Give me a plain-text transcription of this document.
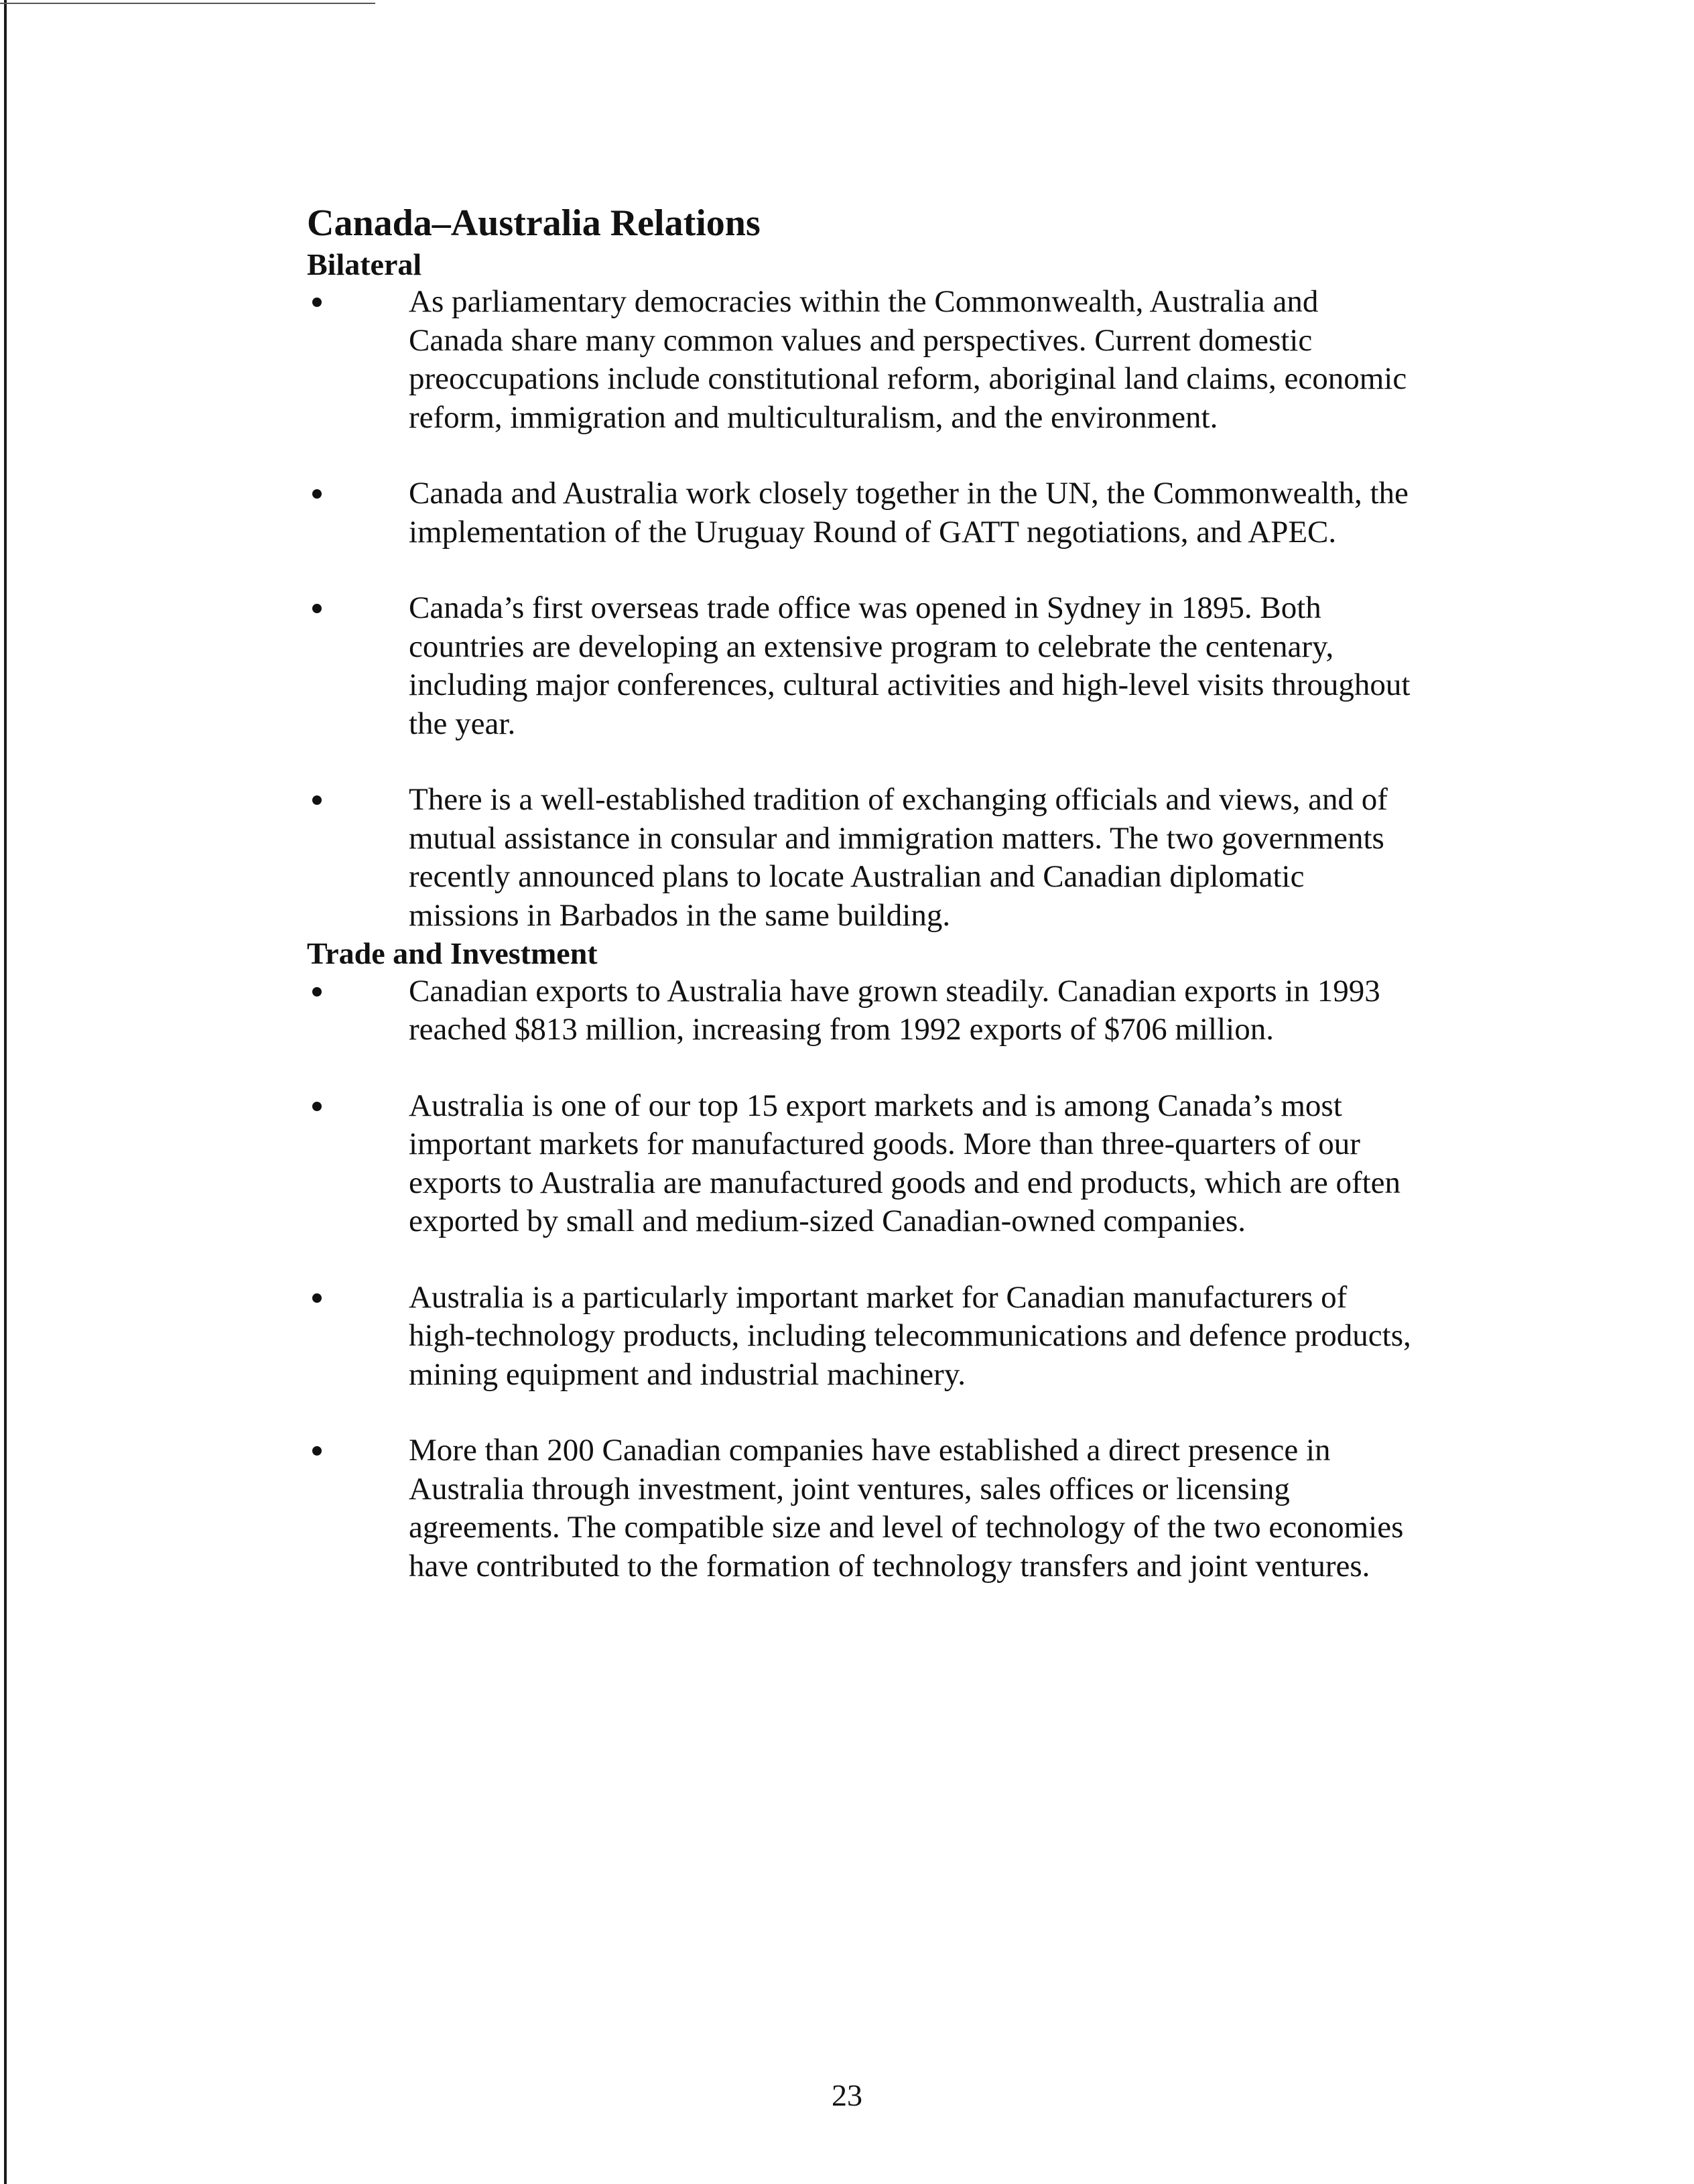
Canada–Australia Relations
Bilateral
As parliamentary democracies within the Commonwealth, Australia and Canada share many common values and perspectives. Current domestic preoccupations include constitutional reform, aboriginal land claims, economic reform, immigration and multiculturalism, and the environment.
Canada and Australia work closely together in the UN, the Commonwealth, the implementation of the Uruguay Round of GATT negotiations, and APEC.
Canada’s first overseas trade office was opened in Sydney in 1895. Both countries are developing an extensive program to celebrate the centenary, including major conferences, cultural activities and high-level visits throughout the year.
There is a well-established tradition of exchanging officials and views, and of mutual assistance in consular and immigration matters. The two governments recently announced plans to locate Australian and Canadian diplomatic missions in Barbados in the same building.
Trade and Investment
Canadian exports to Australia have grown steadily. Canadian exports in 1993 reached $813 million, increasing from 1992 exports of $706 million.
Australia is one of our top 15 export markets and is among Canada’s most important markets for manufactured goods. More than three-quarters of our exports to Australia are manufactured goods and end products, which are often exported by small and medium-sized Canadian-owned companies.
Australia is a particularly important market for Canadian manufacturers of high-technology products, including telecommunications and defence products, mining equipment and industrial machinery.
More than 200 Canadian companies have established a direct presence in Australia through investment, joint ventures, sales offices or licensing agreements. The compatible size and level of technology of the two economies have contributed to the formation of technology transfers and joint ventures.
23
